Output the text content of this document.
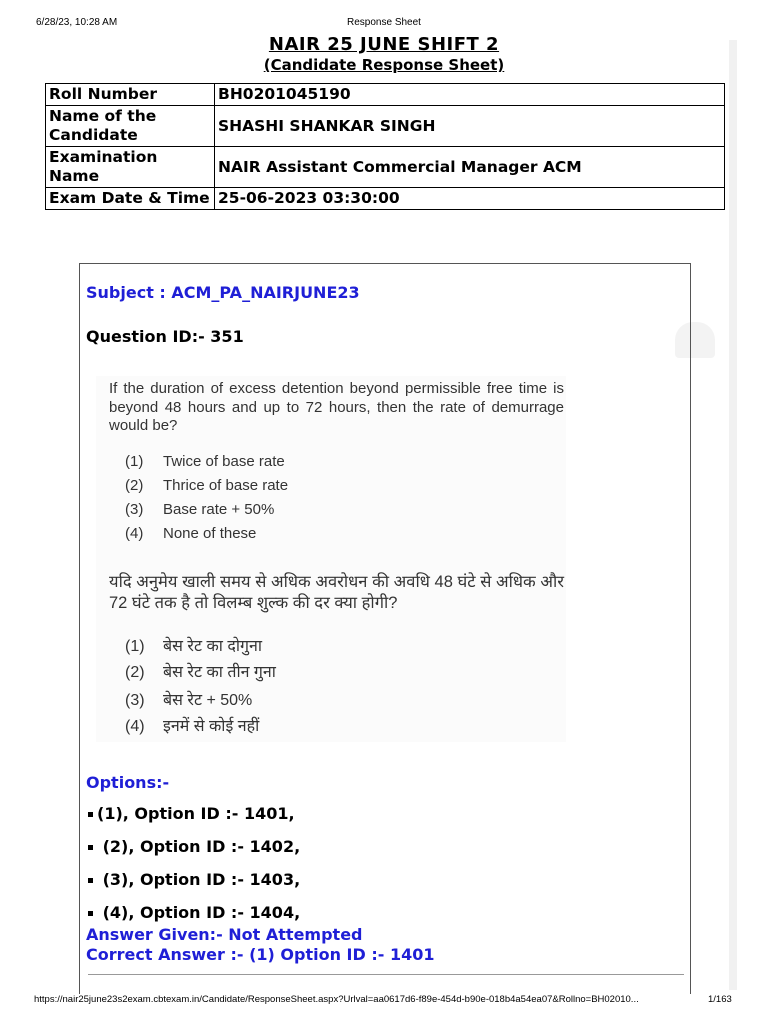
6/28/23, 10:28 AM	Response Sheet
NAIR 25 JUNE SHIFT 2
(Candidate Response Sheet)
Roll Number	BH0201045190
Name of the Candidate	SHASHI SHANKAR SINGH
Examination Name	NAIR Assistant Commercial Manager ACM
Exam Date & Time	25-06-2023 03:30:00
Subject : ACM_PA_NAIRJUNE23
Question ID:- 351
If the duration of excess detention beyond permissible free time is beyond 48 hours and up to 72 hours, then the rate of demurrage would be?
(1) Twice of base rate
(2) Thrice of base rate
(3) Base rate + 50%
(4) None of these
यदि अनुमेय खाली समय से अधिक अवरोधन की अवधि 48 घंटे से अधिक और 72 घंटे तक है तो विलम्ब शुल्क की दर क्या होगी?
(1) बेस रेट का दोगुना
(2) बेस रेट का तीन गुना
(3) बेस रेट + 50%
(4) इनमें से कोई नहीं
Options:-
(1), Option ID :- 1401,
(2), Option ID :- 1402,
(3), Option ID :- 1403,
(4), Option ID :- 1404,
Answer Given:- Not Attempted
Correct Answer :- (1) Option ID :- 1401
https://nair25june23s2exam.cbtexam.in/Candidate/ResponseSheet.aspx?Urlval=aa0617d6-f89e-454d-b90e-018b4a54ea07&Rollno=BH02010...	1/163
